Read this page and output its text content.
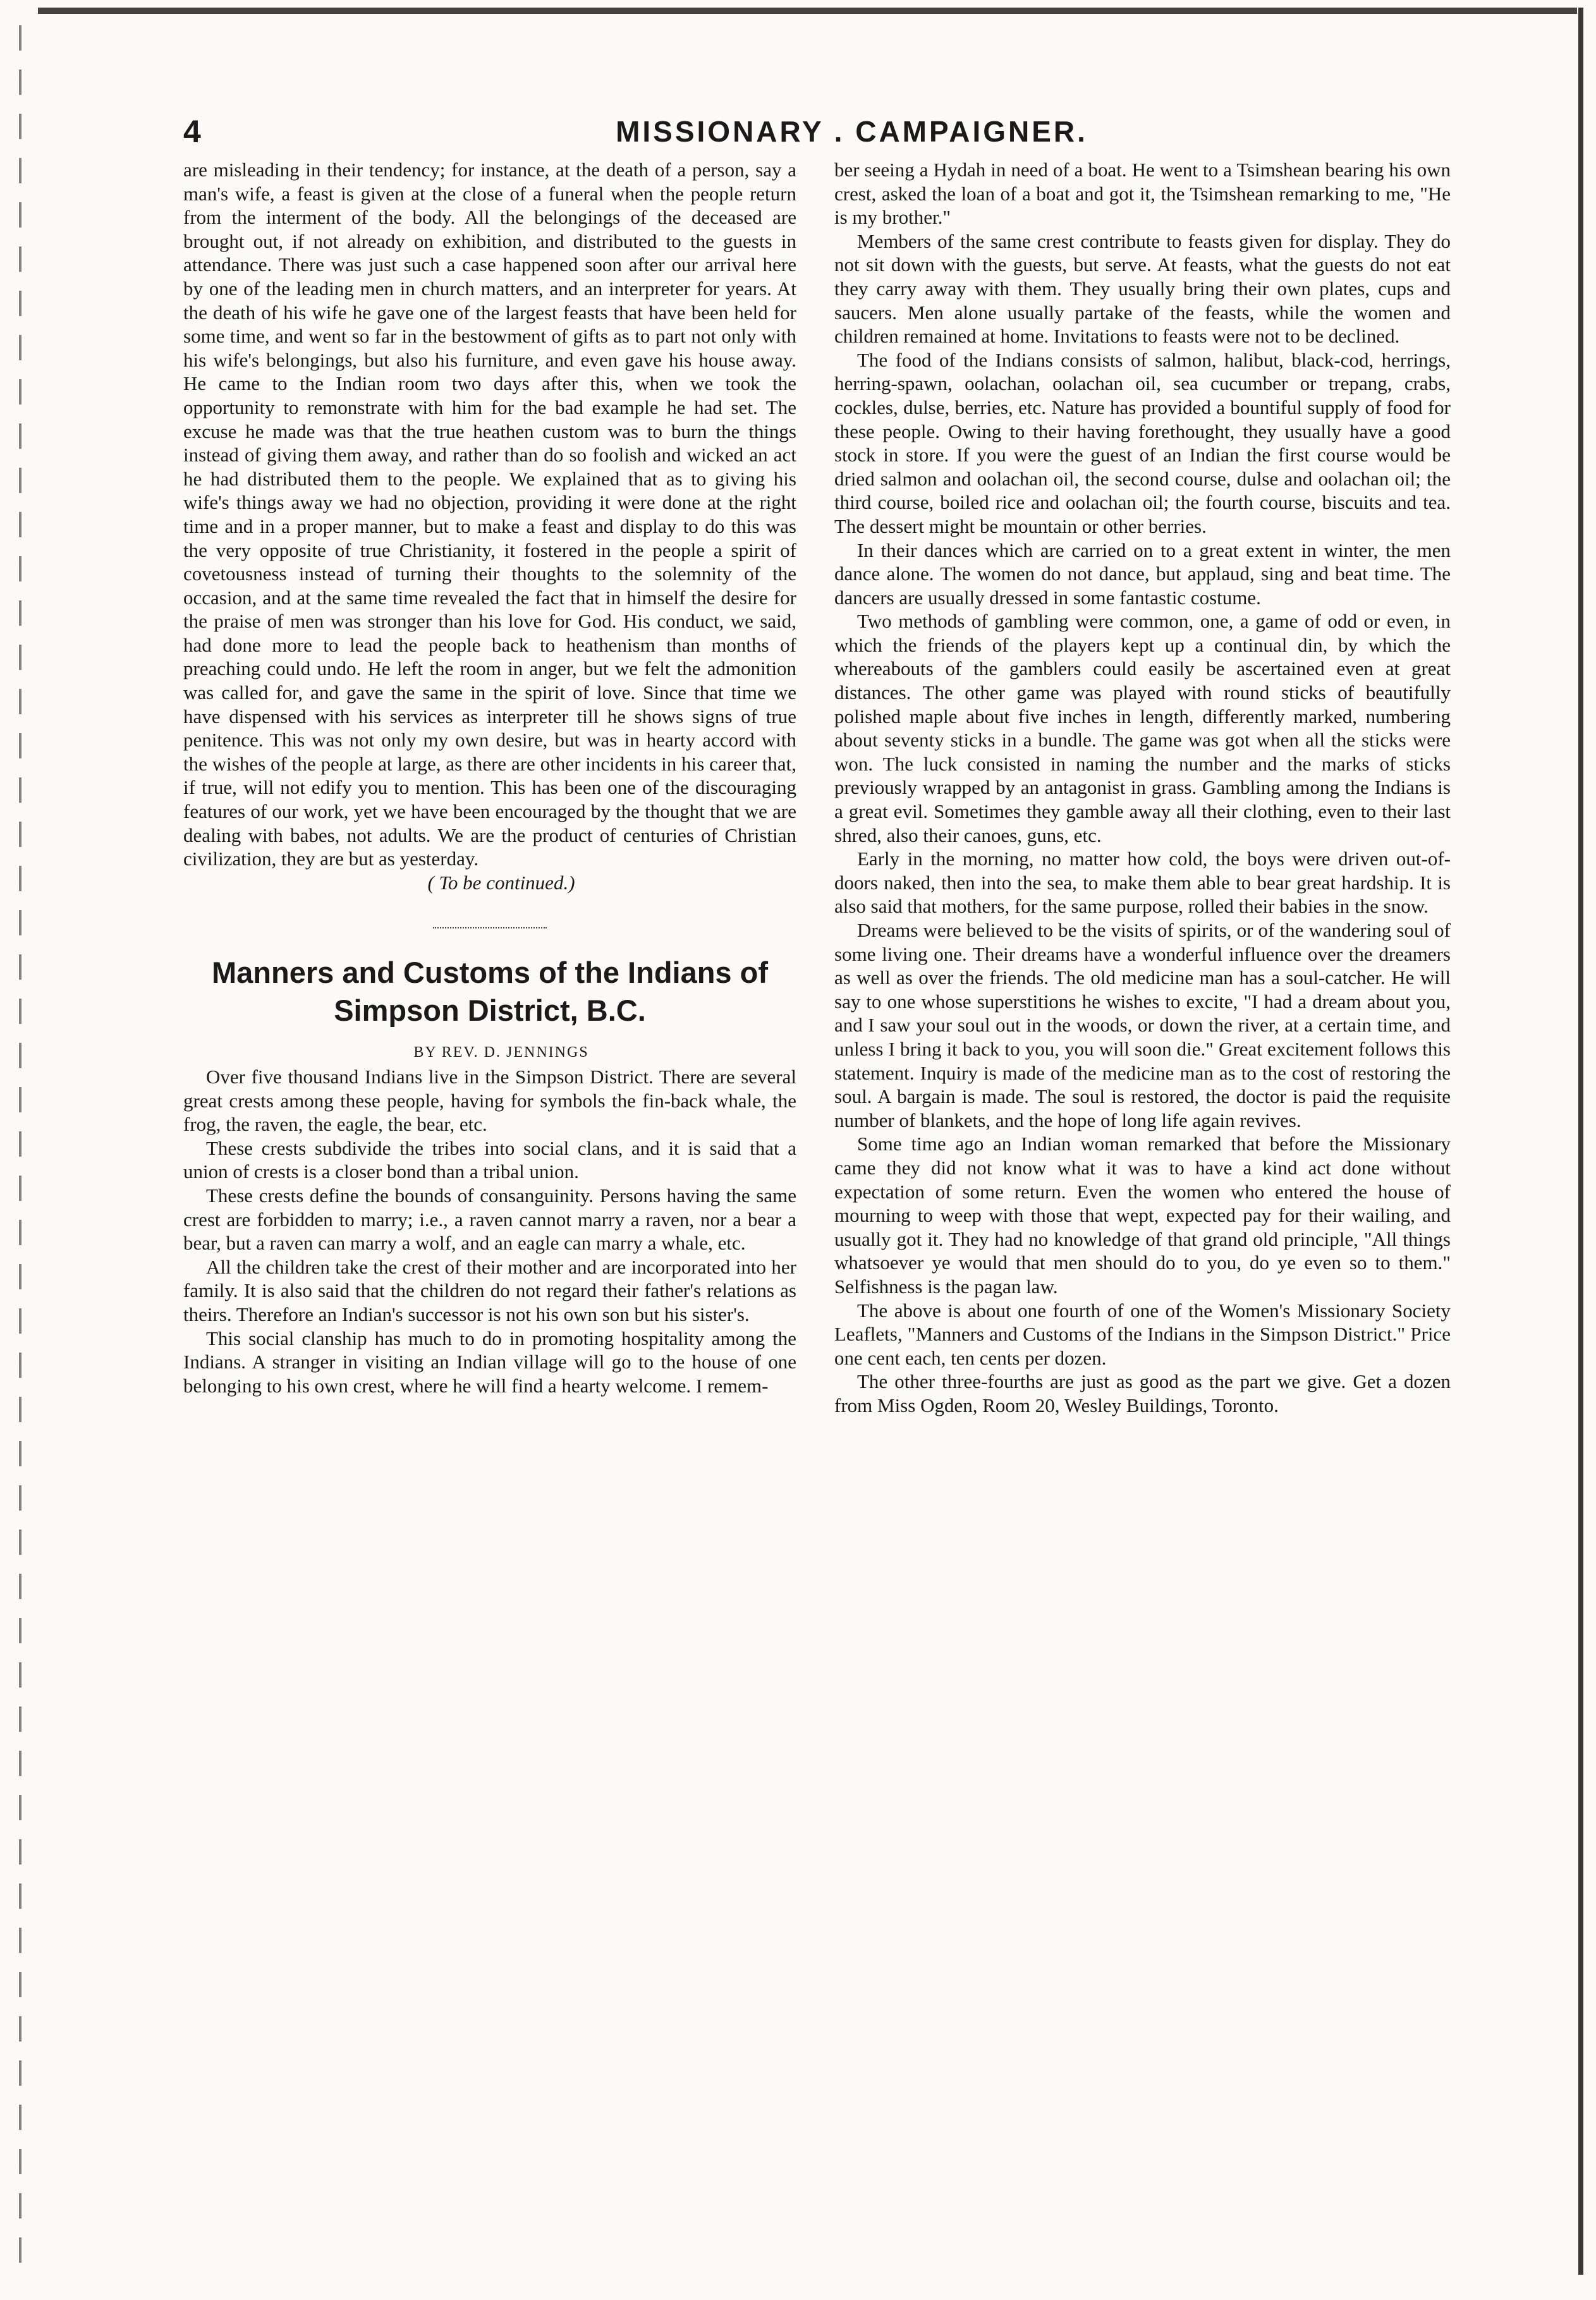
4	MISSIONARY . CAMPAIGNER.

are misleading in their tendency; for instance, at the death of a person, say a man's wife, a feast is given at the close of a funeral when the people return from the interment of the body. All the belongings of the deceased are brought out, if not already on exhibition, and distributed to the guests in attendance. There was just such a case happened soon after our arrival here by one of the leading men in church matters, and an interpreter for years. At the death of his wife he gave one of the largest feasts that have been held for some time, and went so far in the bestowment of gifts as to part not only with his wife's belongings, but also his furniture, and even gave his house away. He came to the Indian room two days after this, when we took the opportunity to remonstrate with him for the bad example he had set. The excuse he made was that the true heathen custom was to burn the things instead of giving them away, and rather than do so foolish and wicked an act he had distributed them to the people. We explained that as to giving his wife's things away we had no objection, providing it were done at the right time and in a proper manner, but to make a feast and display to do this was the very opposite of true Christianity, it fostered in the people a spirit of covetousness instead of turning their thoughts to the solemnity of the occasion, and at the same time revealed the fact that in himself the desire for the praise of men was stronger than his love for God. His conduct, we said, had done more to lead the people back to heathenism than months of preaching could undo. He left the room in anger, but we felt the admonition was called for, and gave the same in the spirit of love. Since that time we have dispensed with his services as interpreter till he shows signs of true penitence. This was not only my own desire, but was in hearty accord with the wishes of the people at large, as there are other incidents in his career that, if true, will not edify you to mention. This has been one of the discouraging features of our work, yet we have been encouraged by the thought that we are dealing with babes, not adults. We are the product of centuries of Christian civilization, they are but as yesterday.

( To be continued.)

Manners and Customs of the Indians of Simpson District, B.C.

BY REV. D. JENNINGS

Over five thousand Indians live in the Simpson District. There are several great crests among these people, having for symbols the fin-back whale, the frog, the raven, the eagle, the bear, etc.

These crests subdivide the tribes into social clans, and it is said that a union of crests is a closer bond than a tribal union.

These crests define the bounds of consanguinity. Persons having the same crest are forbidden to marry; i.e., a raven cannot marry a raven, nor a bear a bear, but a raven can marry a wolf, and an eagle can marry a whale, etc.

All the children take the crest of their mother and are incorporated into her family. It is also said that the children do not regard their father's relations as theirs. Therefore an Indian's successor is not his own son but his sister's.

This social clanship has much to do in promoting hospitality among the Indians. A stranger in visiting an Indian village will go to the house of one belonging to his own crest, where he will find a hearty welcome. I remem-

ber seeing a Hydah in need of a boat. He went to a Tsimshean bearing his own crest, asked the loan of a boat and got it, the Tsimshean remarking to me, "He is my brother."

Members of the same crest contribute to feasts given for display. They do not sit down with the guests, but serve. At feasts, what the guests do not eat they carry away with them. They usually bring their own plates, cups and saucers. Men alone usually partake of the feasts, while the women and children remained at home. Invitations to feasts were not to be declined.

The food of the Indians consists of salmon, halibut, black-cod, herrings, herring-spawn, oolachan, oolachan oil, sea cucumber or trepang, crabs, cockles, dulse, berries, etc. Nature has provided a bountiful supply of food for these people. Owing to their having forethought, they usually have a good stock in store. If you were the guest of an Indian the first course would be dried salmon and oolachan oil, the second course, dulse and oolachan oil; the third course, boiled rice and oolachan oil; the fourth course, biscuits and tea. The dessert might be mountain or other berries.

In their dances which are carried on to a great extent in winter, the men dance alone. The women do not dance, but applaud, sing and beat time. The dancers are usually dressed in some fantastic costume.

Two methods of gambling were common, one, a game of odd or even, in which the friends of the players kept up a continual din, by which the whereabouts of the gamblers could easily be ascertained even at great distances. The other game was played with round sticks of beautifully polished maple about five inches in length, differently marked, numbering about seventy sticks in a bundle. The game was got when all the sticks were won. The luck consisted in naming the number and the marks of sticks previously wrapped by an antagonist in grass. Gambling among the Indians is a great evil. Sometimes they gamble away all their clothing, even to their last shred, also their canoes, guns, etc.

Early in the morning, no matter how cold, the boys were driven out-of-doors naked, then into the sea, to make them able to bear great hardship. It is also said that mothers, for the same purpose, rolled their babies in the snow.

Dreams were believed to be the visits of spirits, or of the wandering soul of some living one. Their dreams have a wonderful influence over the dreamers as well as over the friends. The old medicine man has a soul-catcher. He will say to one whose superstitions he wishes to excite, "I had a dream about you, and I saw your soul out in the woods, or down the river, at a certain time, and unless I bring it back to you, you will soon die." Great excitement follows this statement. Inquiry is made of the medicine man as to the cost of restoring the soul. A bargain is made. The soul is restored, the doctor is paid the requisite number of blankets, and the hope of long life again revives.

Some time ago an Indian woman remarked that before the Missionary came they did not know what it was to have a kind act done without expectation of some return. Even the women who entered the house of mourning to weep with those that wept, expected pay for their wailing, and usually got it. They had no knowledge of that grand old principle, "All things whatsoever ye would that men should do to you, do ye even so to them." Selfishness is the pagan law.

The above is about one fourth of one of the Women's Missionary Society Leaflets, "Manners and Customs of the Indians in the Simpson District." Price one cent each, ten cents per dozen.

The other three-fourths are just as good as the part we give. Get a dozen from Miss Ogden, Room 20, Wesley Buildings, Toronto.
